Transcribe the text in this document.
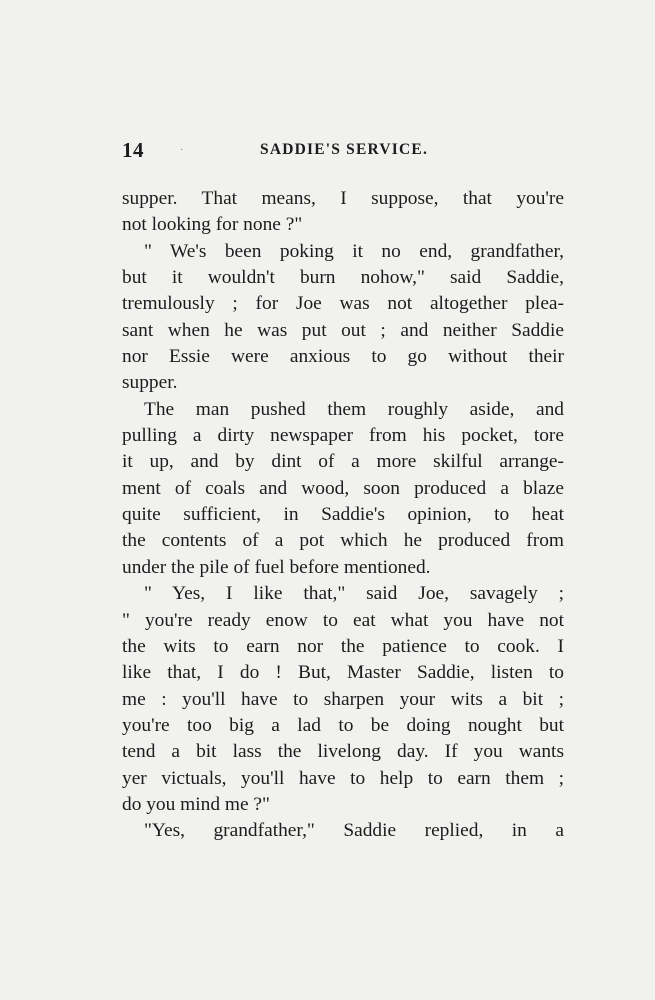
14	·	SADDIE'S SERVICE.
supper. That means, I suppose, that you're
not looking for none ?"
" We's been poking it no end, grandfather,
but it wouldn't burn nohow," said Saddie,
tremulously ; for Joe was not altogether plea-
sant when he was put out ; and neither Saddie
nor Essie were anxious to go without their
supper.
The man pushed them roughly aside, and
pulling a dirty newspaper from his pocket, tore
it up, and by dint of a more skilful arrange-
ment of coals and wood, soon produced a blaze
quite sufficient, in Saddie's opinion, to heat
the contents of a pot which he produced from
under the pile of fuel before mentioned.
" Yes, I like that," said Joe, savagely ;
" you're ready enow to eat what you have not
the wits to earn nor the patience to cook. I
like that, I do ! But, Master Saddie, listen to
me : you'll have to sharpen your wits a bit ;
you're too big a lad to be doing nought but
tend a bit lass the livelong day. If you wants
yer victuals, you'll have to help to earn them ;
do you mind me ?"
"Yes, grandfather," Saddie replied, in a
